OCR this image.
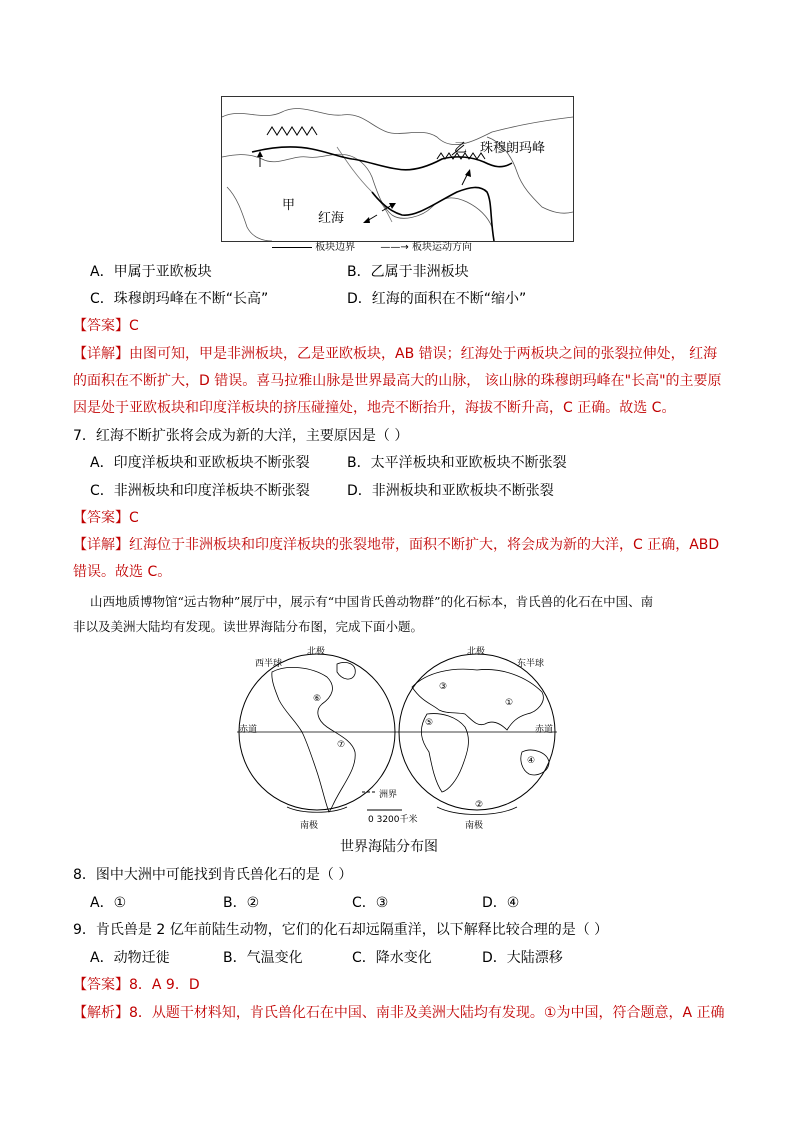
甲
乙 珠穆朗玛峰
红海
板块边界	——→ 板块运动方向
A．甲属于亚欧板块	B．乙属于非洲板块
C．珠穆朗玛峰在不断“长高”	D．红海的面积在不断“缩小”
【答案】C
【详解】由图可知，甲是非洲板块，乙是亚欧板块，AB 错误；红海处于两板块之间的张裂拉伸处， 红海
的面积在不断扩大，D 错误。喜马拉雅山脉是世界最高大的山脉， 该山脉的珠穆朗玛峰在"长高"的主要原
因是处于亚欧板块和印度洋板块的挤压碰撞处，地壳不断抬升，海拔不断升高，C 正确。故选 C。
7．红海不断扩张将会成为新的大洋，主要原因是（ ）
A．印度洋板块和亚欧板块不断张裂	B．太平洋板块和亚欧板块不断张裂
C．非洲板块和印度洋板块不断张裂	D．非洲板块和亚欧板块不断张裂
【答案】C
【详解】红海位于非洲板块和印度洋板块的张裂地带，面积不断扩大，将会成为新的大洋，C 正确，ABD
错误。故选 C。
山西地质博物馆“远古物种”展厅中，展示有“中国肯氏兽动物群”的化石标本，肯氏兽的化石在中国、南
非以及美洲大陆均有发现。读世界海陆分布图，完成下面小题。
西半球	东半球
北极	北极
南极	南极
赤道	赤道
洲界
0 3200千米
①
②
③
④
⑤
⑥
⑦
世界海陆分布图
8．图中大洲中可能找到肯氏兽化石的是（ ）
A．①	B．②	C．③	D．④
9．肯氏兽是 2 亿年前陆生动物，它们的化石却远隔重洋，以下解释比较合理的是（ ）
A．动物迁徙	B．气温变化	C．降水变化	D．大陆漂移
【答案】8．A 9．D
【解析】8．从题干材料知，肯氏兽化石在中国、南非及美洲大陆均有发现。①为中国，符合题意，A 正确
